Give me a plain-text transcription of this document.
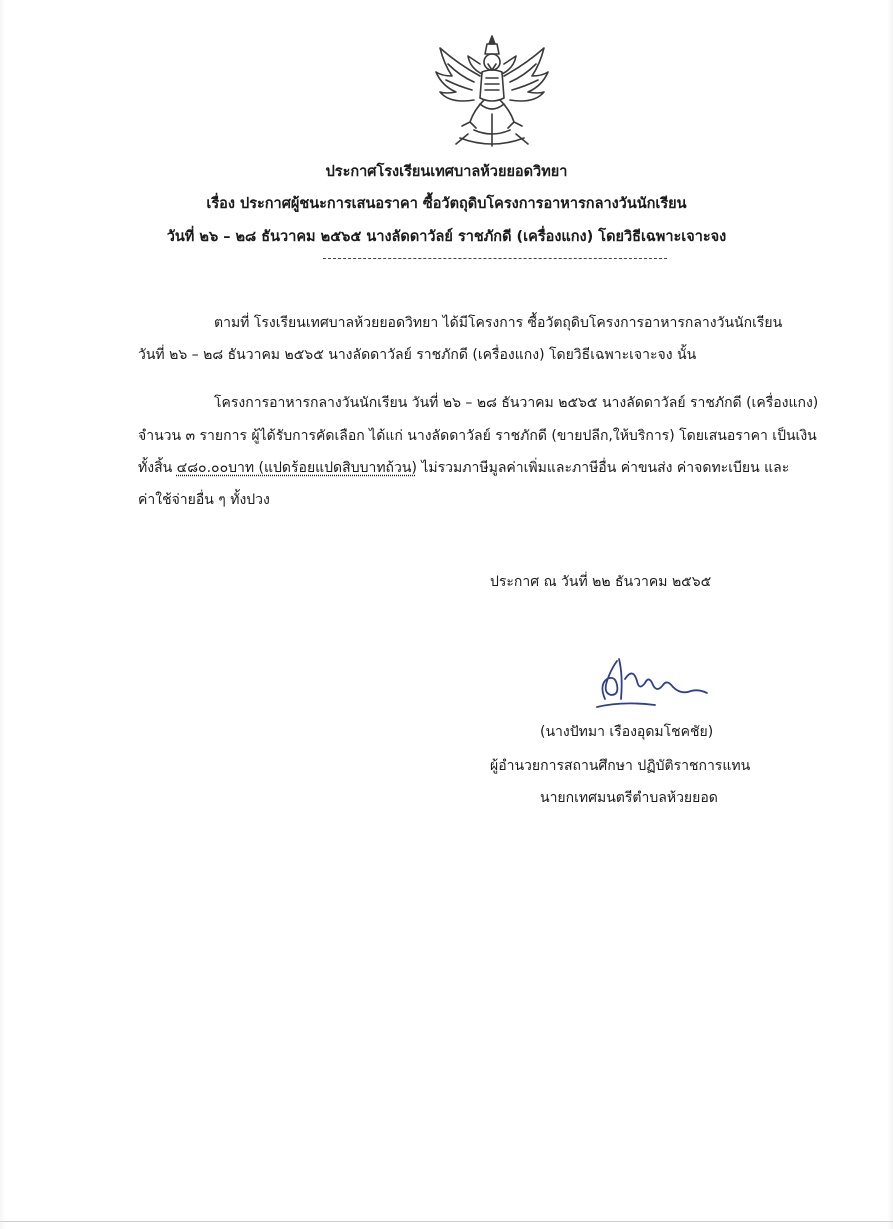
ประกาศโรงเรียนเทศบาลห้วยยอดวิทยา
เรื่อง ประกาศผู้ชนะการเสนอราคา ซื้อวัตถุดิบโครงการอาหารกลางวันนักเรียน
วันที่ ๒๖ – ๒๘ ธันวาคม ๒๕๖๕ นางลัดดาวัลย์ ราชภักดี (เครื่องแกง) โดยวิธีเฉพาะเจาะจง
ตามที่ โรงเรียนเทศบาลห้วยยอดวิทยา ได้มีโครงการ ซื้อวัตถุดิบโครงการอาหารกลางวันนักเรียน
วันที่ ๒๖ – ๒๘ ธันวาคม ๒๕๖๕ นางลัดดาวัลย์ ราชภักดี (เครื่องแกง) โดยวิธีเฉพาะเจาะจง นั้น
โครงการอาหารกลางวันนักเรียน วันที่ ๒๖ – ๒๘ ธันวาคม ๒๕๖๕ นางลัดดาวัลย์ ราชภักดี (เครื่องแกง)
จำนวน ๓ รายการ ผู้ได้รับการคัดเลือก ได้แก่ นางลัดดาวัลย์ ราชภักดี (ขายปลีก,ให้บริการ) โดยเสนอราคา เป็นเงิน
ทั้งสิ้น ๔๘๐.๐๐บาท (แปดร้อยแปดสิบบาทถ้วน) ไม่รวมภาษีมูลค่าเพิ่มและภาษีอื่น ค่าขนส่ง ค่าจดทะเบียน และ
ค่าใช้จ่ายอื่น ๆ ทั้งปวง
ประกาศ ณ วันที่ ๒๒ ธันวาคม ๒๕๖๕
(นางปัทมา เรืองอุดมโชคชัย)
ผู้อำนวยการสถานศึกษา ปฏิบัติราชการแทน
นายกเทศมนตรีตำบลห้วยยอด
